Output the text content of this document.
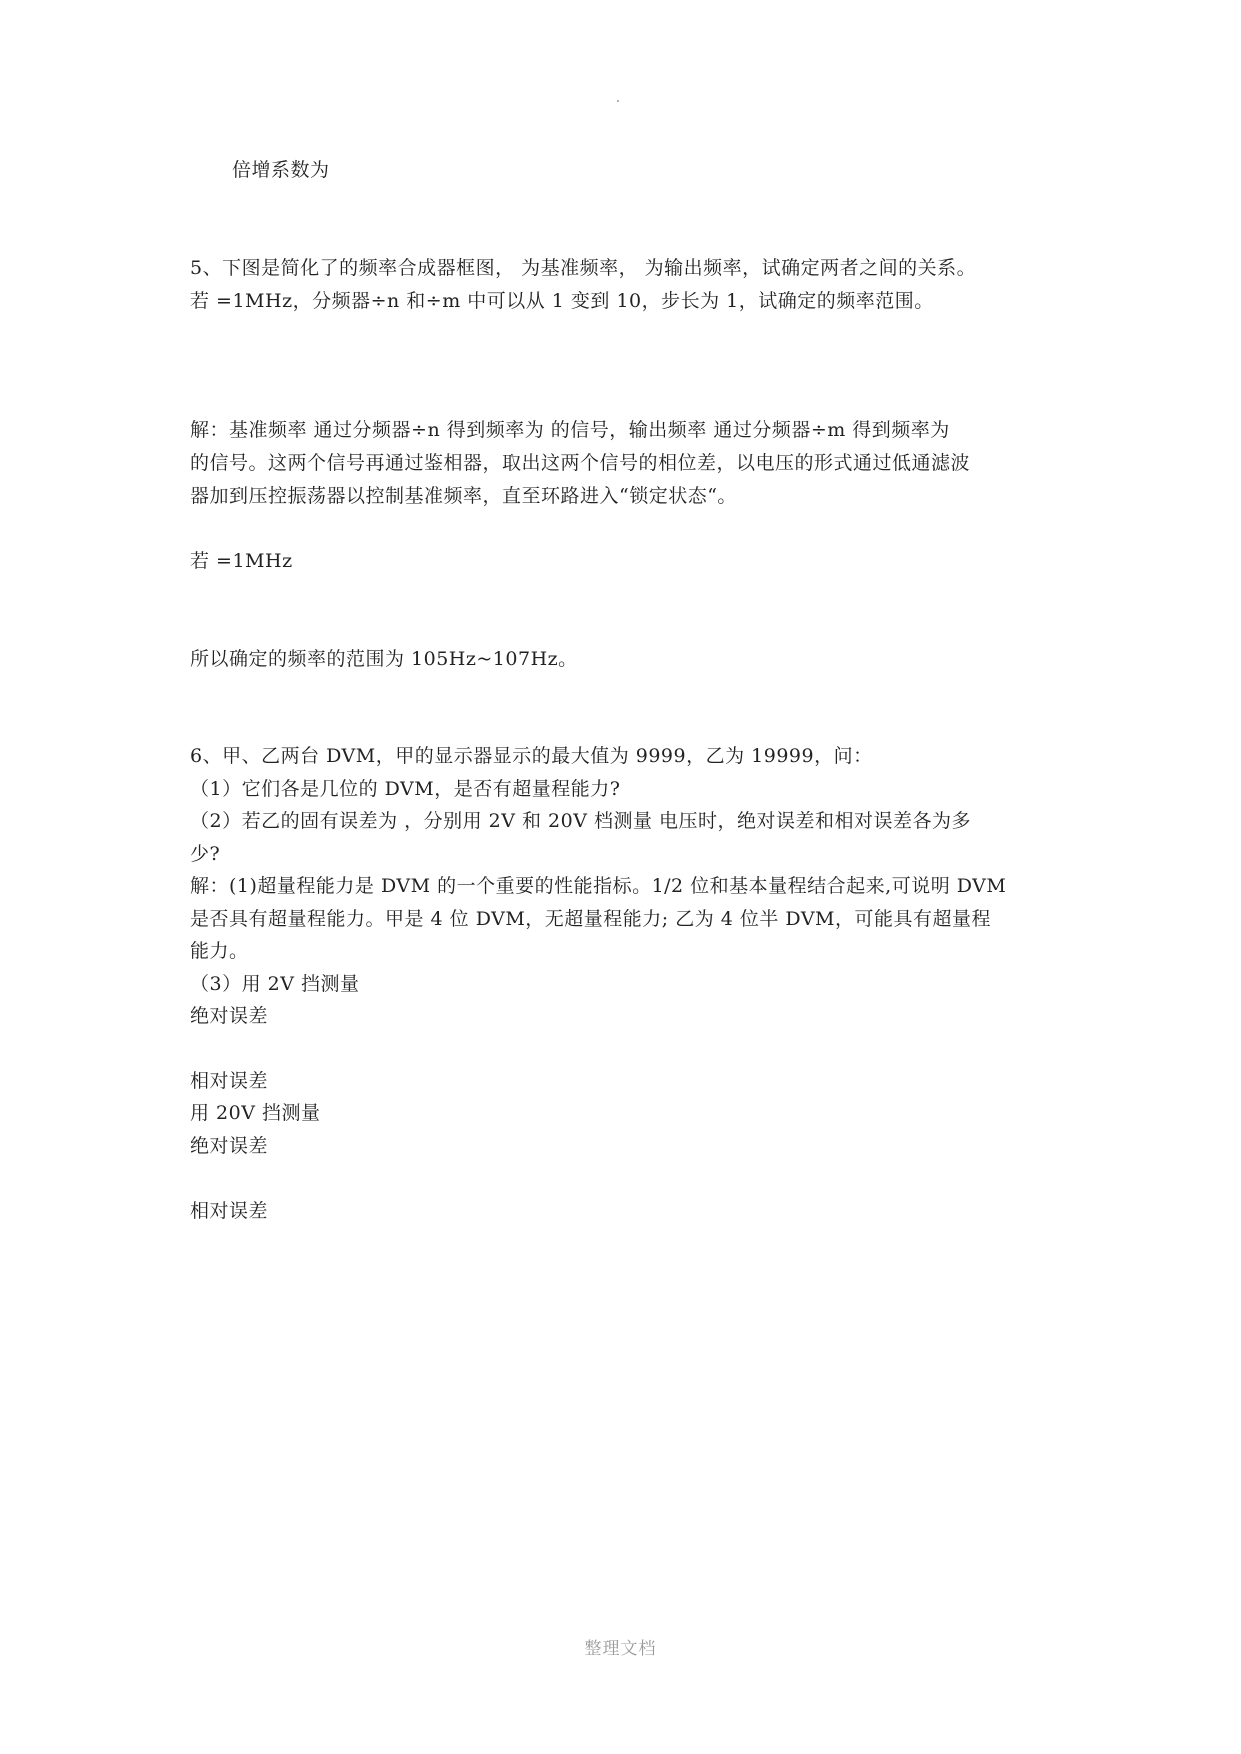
倍增系数为
5、下图是简化了的频率合成器框图， 为基准频率， 为输出频率，试确定两者之间的关系。
若 =1MHz，分频器÷n 和÷m 中可以从 1 变到 10，步长为 1，试确定的频率范围。
解：基准频率 通过分频器÷n 得到频率为 的信号，输出频率 通过分频器÷m 得到频率为
的信号。这两个信号再通过鉴相器，取出这两个信号的相位差，以电压的形式通过低通滤波
器加到压控振荡器以控制基准频率，直至环路进入“锁定状态“。
若 =1MHz
所以确定的频率的范围为 105Hz~107Hz。
6、甲、乙两台 DVM，甲的显示器显示的最大值为 9999，乙为 19999，问：
（1）它们各是几位的 DVM，是否有超量程能力?
（2）若乙的固有误差为 ，分别用 2V 和 20V 档测量 电压时，绝对误差和相对误差各为多
少?
解：(1)超量程能力是 DVM 的一个重要的性能指标。1/2 位和基本量程结合起来,可说明 DVM
是否具有超量程能力。甲是 4 位 DVM，无超量程能力; 乙为 4 位半 DVM，可能具有超量程
能力。
（3）用 2V 挡测量
绝对误差
相对误差
用 20V 挡测量
绝对误差
相对误差
整理文档
